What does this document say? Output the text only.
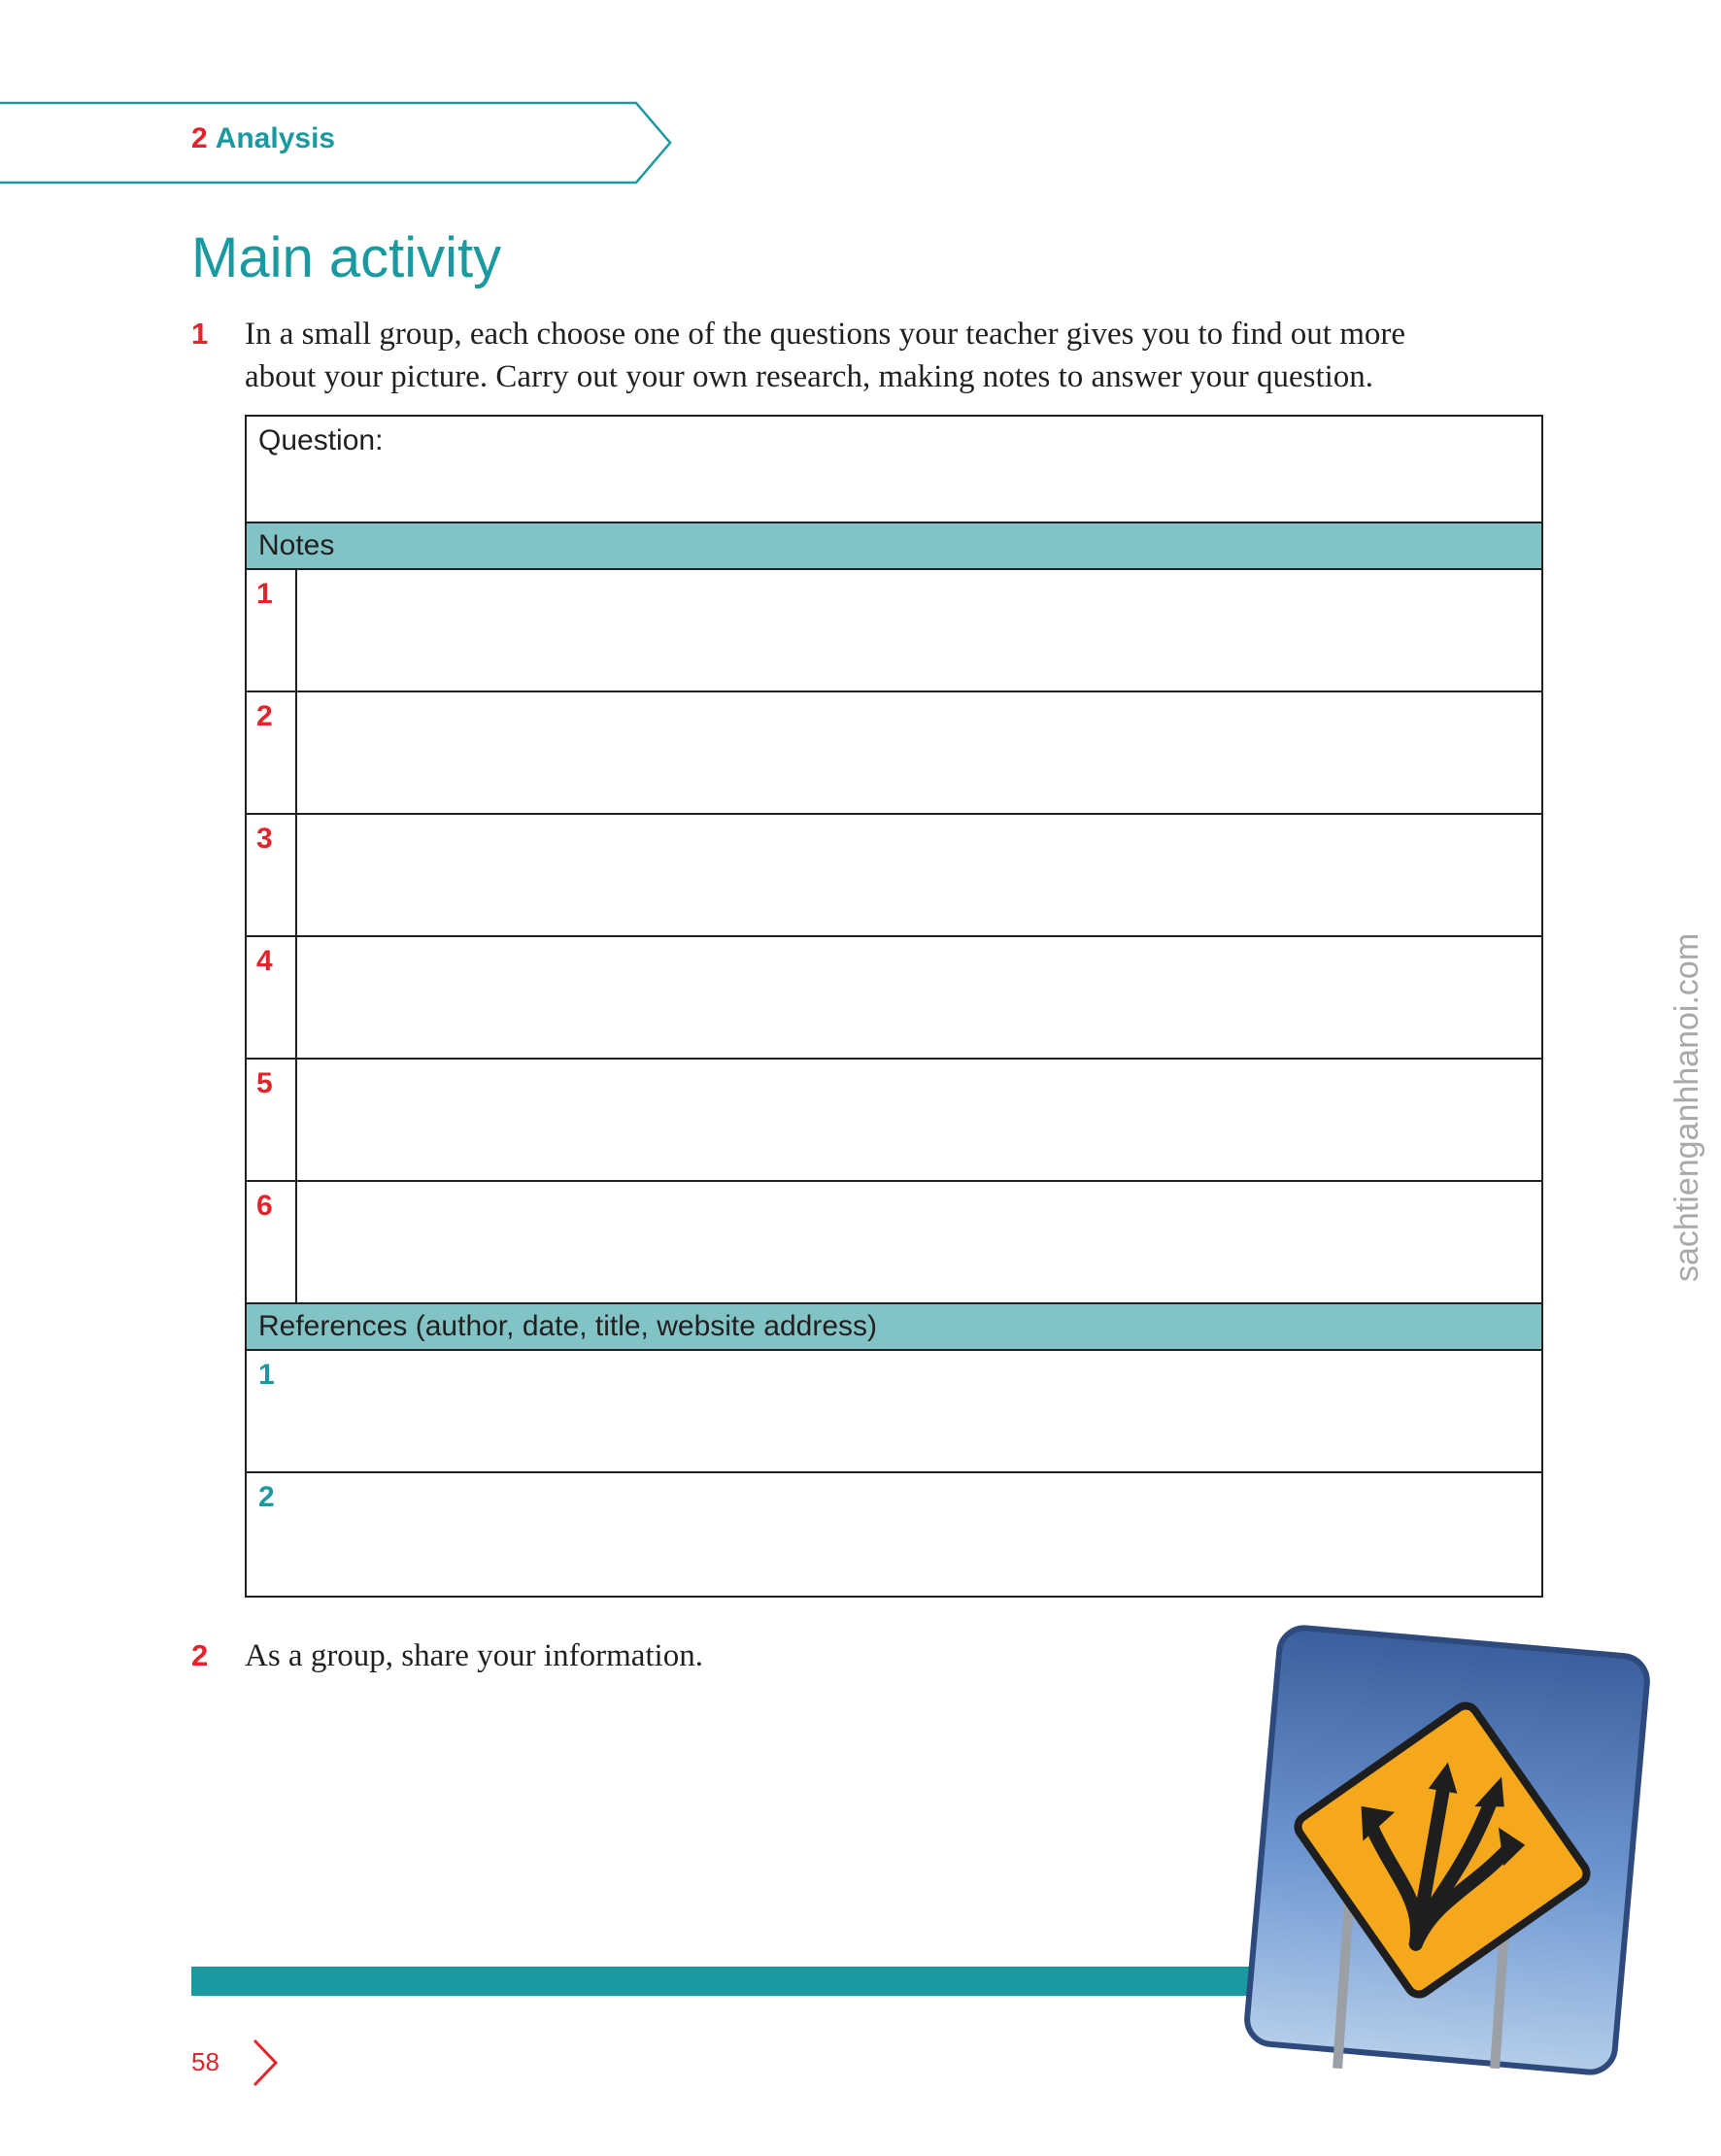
2 Analysis
Main activity
1 In a small group, each choose one of the questions your teacher gives you to find out more
about your picture. Carry out your own research, making notes to answer your question.
Question:
Notes
1
2
3
4
5
6
References (author, date, title, website address)
1
2
2 As a group, share your information.
sachtienganhhanoi.com
58
